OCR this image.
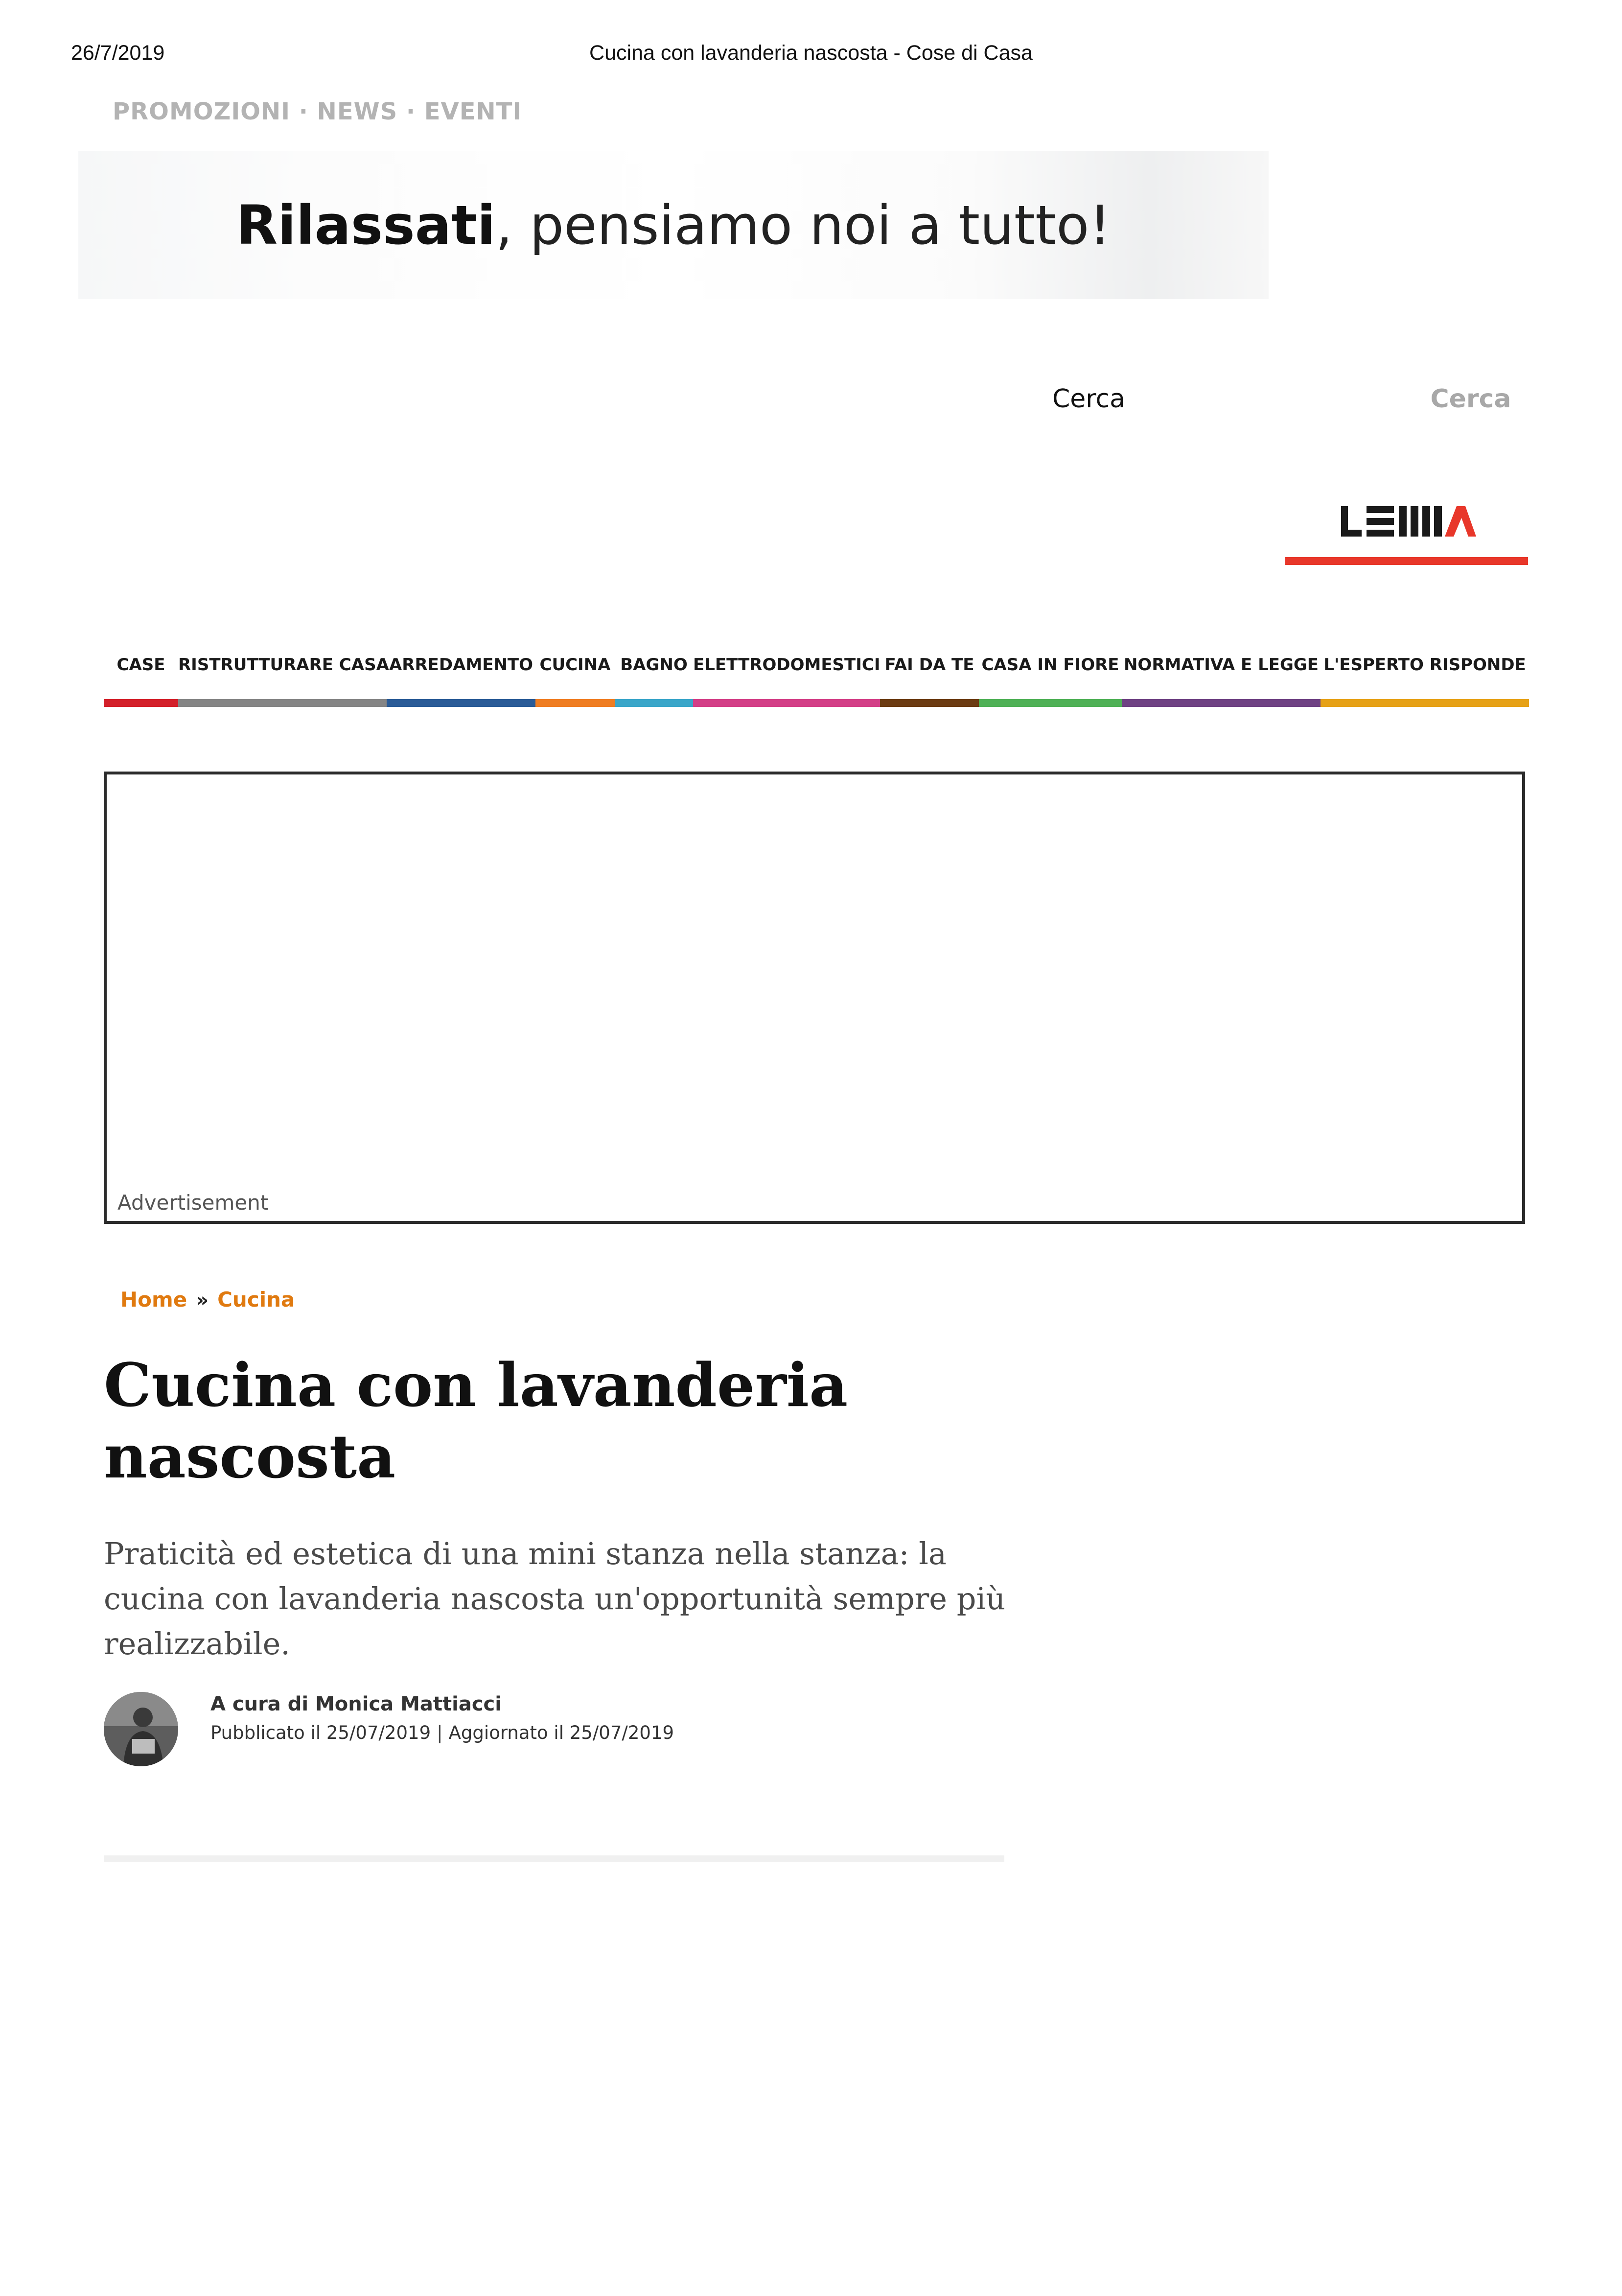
26/7/2019	Cucina con lavanderia nascosta - Cose di Casa
PROMOZIONI · NEWS · EVENTI
Rilassati, pensiamo noi a tutto!
Cerca	Cerca
CASE RISTRUTTURARE CASA ARREDAMENTO CUCINA BAGNO ELETTRODOMESTICI FAI DA TE CASA IN FIORE NORMATIVA E LEGGE L'ESPERTO RISPONDE
Advertisement
Home » Cucina
Cucina con lavanderia nascosta

Praticità ed estetica di una mini stanza nella stanza: la cucina con lavanderia nascosta un'opportunità sempre più realizzabile.

A cura di Monica Mattiacci
Pubblicato il 25/07/2019 | Aggiornato il 25/07/2019
